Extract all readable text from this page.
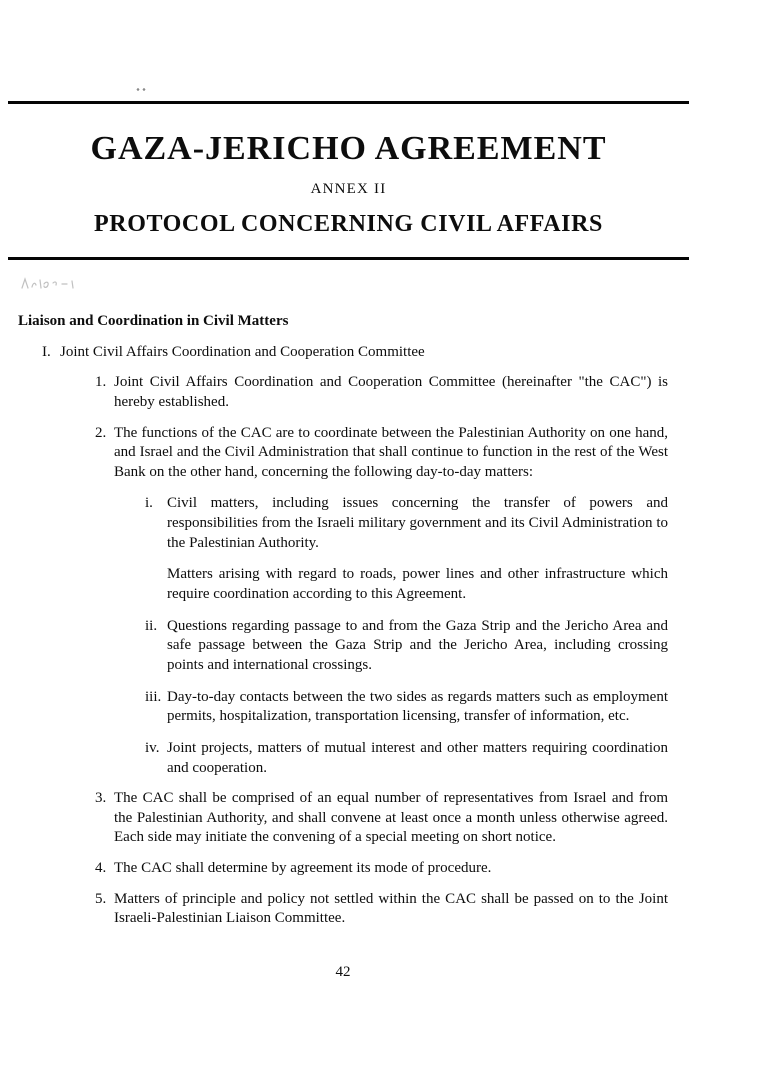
GAZA-JERICHO AGREEMENT
ANNEX II
PROTOCOL CONCERNING CIVIL AFFAIRS
Liaison and Coordination in Civil Matters
I. Joint Civil Affairs Coordination and Cooperation Committee
1. Joint Civil Affairs Coordination and Cooperation Committee (hereinafter "the CAC") is hereby established.
2. The functions of the CAC are to coordinate between the Palestinian Authority on one hand, and Israel and the Civil Administration that shall continue to function in the rest of the West Bank on the other hand, concerning the following day-to-day matters:
i. Civil matters, including issues concerning the transfer of powers and responsibilities from the Israeli military government and its Civil Administration to the Palestinian Authority.
Matters arising with regard to roads, power lines and other infrastructure which require coordination according to this Agreement.
ii. Questions regarding passage to and from the Gaza Strip and the Jericho Area and safe passage between the Gaza Strip and the Jericho Area, including crossing points and international crossings.
iii. Day-to-day contacts between the two sides as regards matters such as employment permits, hospitalization, transportation licensing, transfer of information, etc.
iv. Joint projects, matters of mutual interest and other matters requiring coordination and cooperation.
3. The CAC shall be comprised of an equal number of representatives from Israel and from the Palestinian Authority, and shall convene at least once a month unless otherwise agreed. Each side may initiate the convening of a special meeting on short notice.
4. The CAC shall determine by agreement its mode of procedure.
5. Matters of principle and policy not settled within the CAC shall be passed on to the Joint Israeli-Palestinian Liaison Committee.
42
